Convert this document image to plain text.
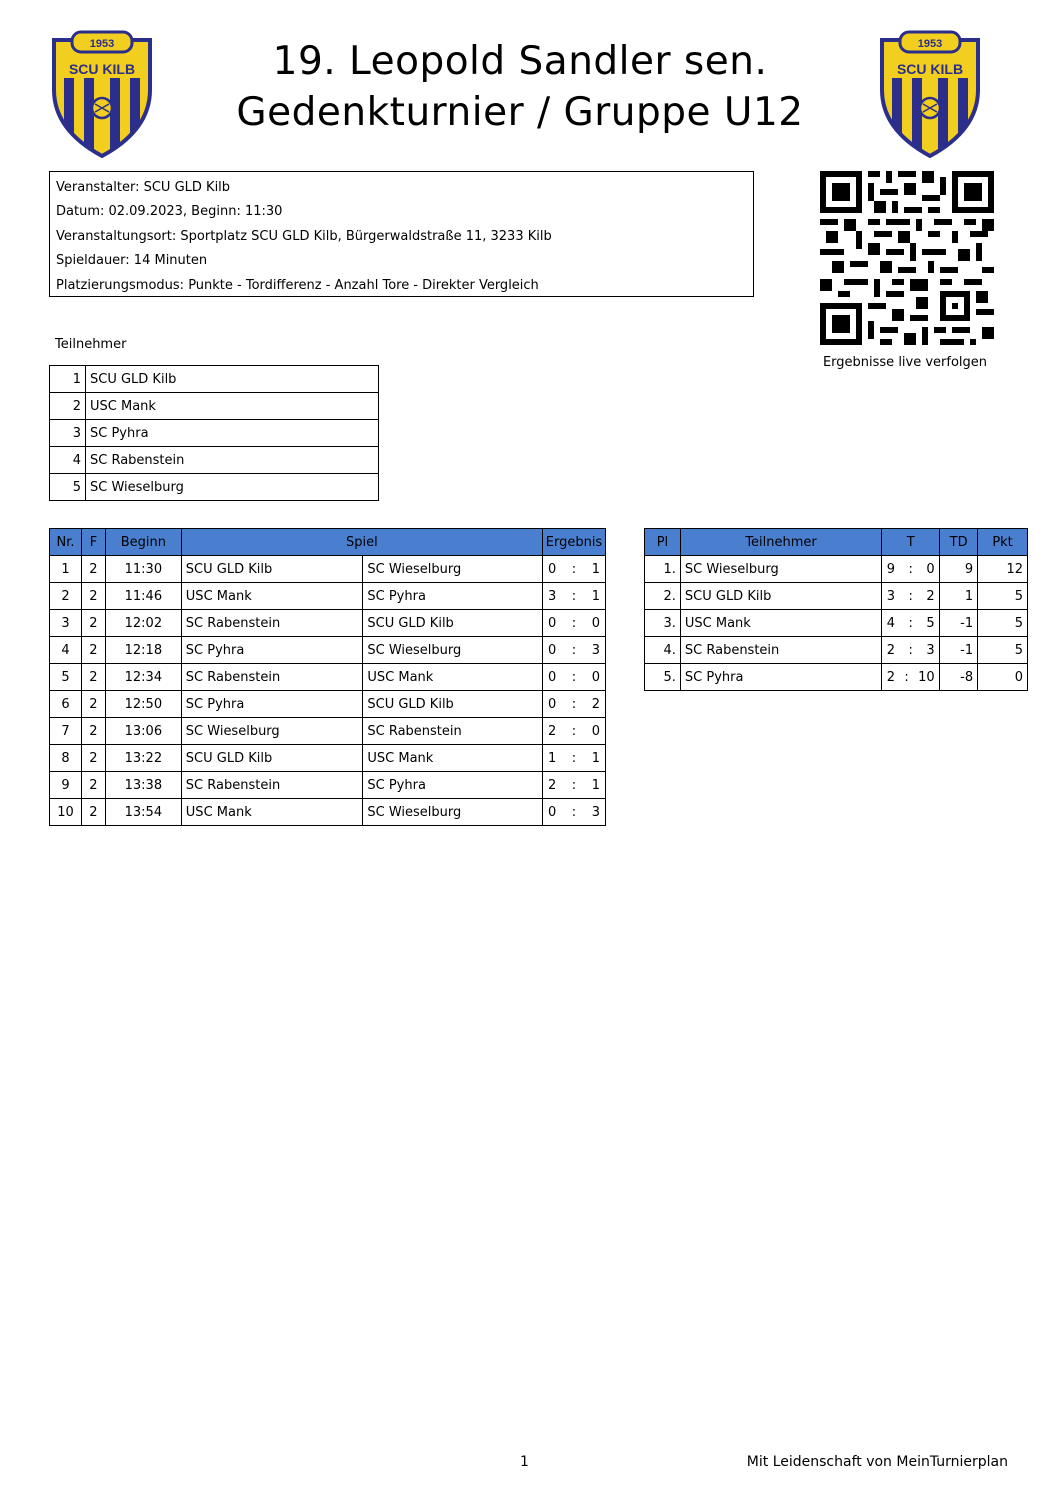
19. Leopold Sandler sen.
Gedenkturnier / Gruppe U12
1953
SCU KILB
1953
SCU KILB
Veranstalter: SCU GLD Kilb
Datum: 02.09.2023, Beginn: 11:30
Veranstaltungsort: Sportplatz SCU GLD Kilb, Bürgerwaldstraße 11, 3233 Kilb
Spieldauer: 14 Minuten
Platzierungsmodus: Punkte - Tordifferenz - Anzahl Tore - Direkter Vergleich
Ergebnisse live verfolgen
Teilnehmer
1	SCU GLD Kilb
2	USC Mank
3	SC Pyhra
4	SC Rabenstein
5	SC Wieselburg
Nr.	F	Beginn	Spiel		Ergebnis
1	2	11:30	SCU GLD Kilb	SC Wieselburg	0 : 1

2	2	11:46	USC Mank	SC Pyhra	3 : 1

3	2	12:02	SC Rabenstein	SCU GLD Kilb	0 : 0

4	2	12:18	SC Pyhra	SC Wieselburg	0 : 3

5	2	12:34	SC Rabenstein	USC Mank	0 : 0

6	2	12:50	SC Pyhra	SCU GLD Kilb	0 : 2

7	2	13:06	SC Wieselburg	SC Rabenstein	2 : 0

8	2	13:22	SCU GLD Kilb	USC Mank	1 : 1

9	2	13:38	SC Rabenstein	SC Pyhra	2 : 1

10	2	13:54	USC Mank	SC Wieselburg	0 : 3
Pl	Teilnehmer	T	TD	Pkt
1.	SC Wieselburg	9 : 0	9	12
2.	SCU GLD Kilb	3 : 2	1	5
3.	USC Mank	4 : 5	-1	5
4.	SC Rabenstein	2 : 3	-1	5
5.	SC Pyhra	2 : 10	-8	0
1	Mit Leidenschaft von MeinTurnierplan
